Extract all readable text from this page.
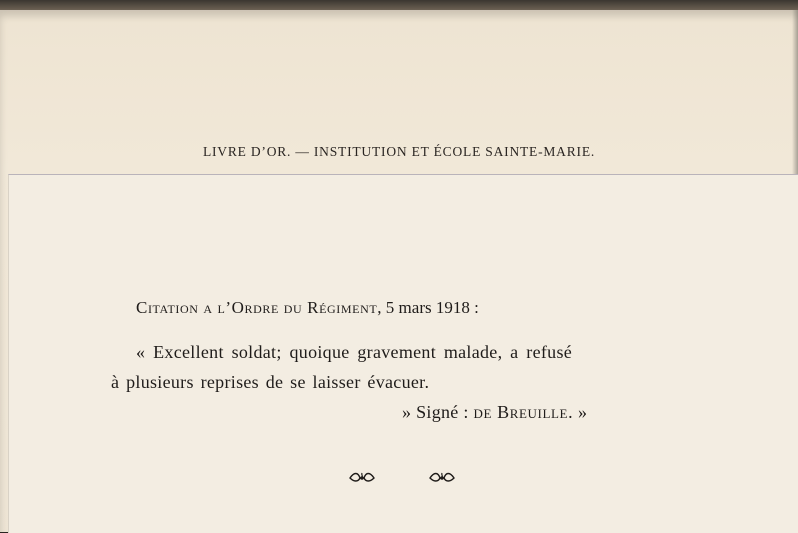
LIVRE D’OR. — INSTITUTION ET ÉCOLE SAINTE-MARIE.
Citation a l’Ordre du Régiment, 5 mars 1918 :
« Excellent soldat; quoique gravement malade, a refusé
à plusieurs reprises de se laisser évacuer.
» Signé : de Breuille. »
